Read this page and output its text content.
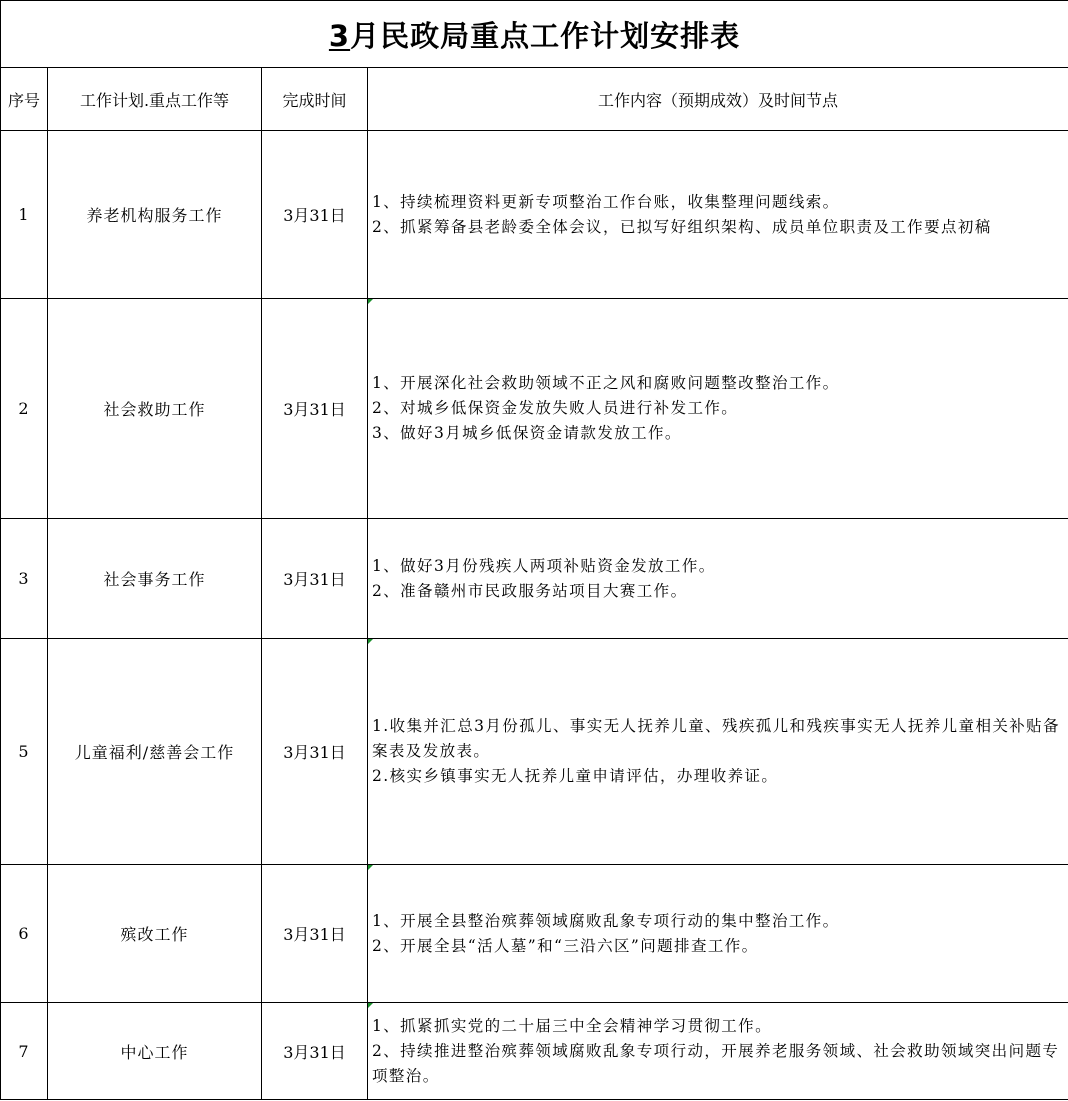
3月民政局重点工作计划安排表			
序号	工作计划.重点工作等	完成时间	工作内容（预期成效）及时间节点
1	养老机构服务工作	3月31日	1、持续梳理资料更新专项整治工作台账，收集整理问题线索。
2、抓紧筹备县老龄委全体会议，已拟写好组织架构、成员单位职责及工作要点初稿

2	社会救助工作	3月31日	1、开展深化社会救助领域不正之风和腐败问题整改整治工作。
2、对城乡低保资金发放失败人员进行补发工作。
3、做好3月城乡低保资金请款发放工作。

3	社会事务工作	3月31日	1、做好3月份残疾人两项补贴资金发放工作。
2、准备赣州市民政服务站项目大赛工作。

5	儿童福利/慈善会工作	3月31日	1.收集并汇总3月份孤儿、事实无人抚养儿童、残疾孤儿和残疾事实无人抚养儿童相关补贴备案表及发放表。
2.核实乡镇事实无人抚养儿童申请评估，办理收养证。

6	殡改工作	3月31日	1、开展全县整治殡葬领域腐败乱象专项行动的集中整治工作。
2、开展全县“活人墓”和“三沿六区”问题排查工作。

7	中心工作	3月31日	1、抓紧抓实党的二十届三中全会精神学习贯彻工作。
2、持续推进整治殡葬领域腐败乱象专项行动，开展养老服务领域、社会救助领域突出问题专项整治。
